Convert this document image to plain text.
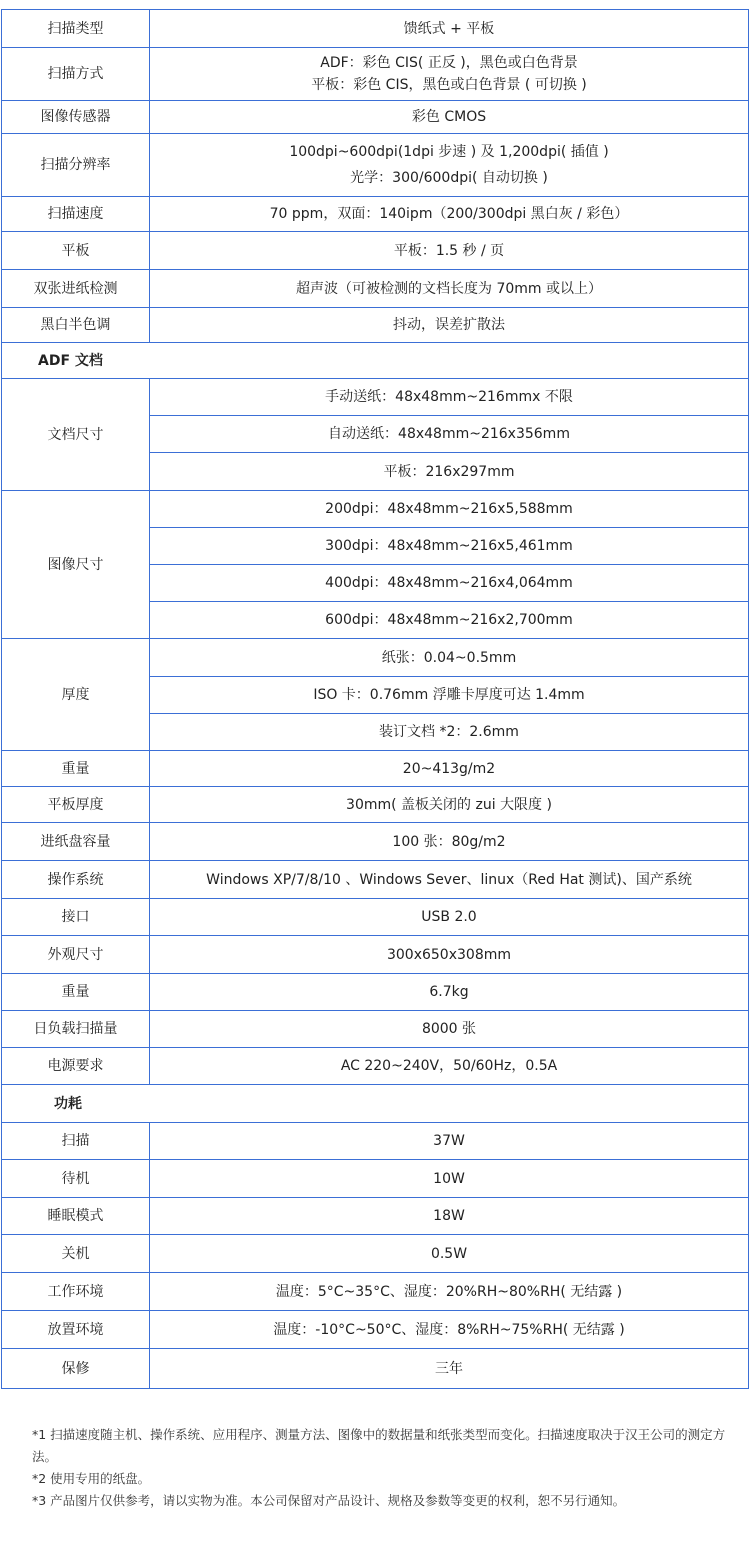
扫描类型	馈纸式 + 平板
扫描方式	ADF：彩色 CIS( 正反 )，黑色或白色背景
平板：彩色 CIS，黑色或白色背景 ( 可切换 )

图像传感器	彩色 CMOS
扫描分辨率	100dpi~600dpi(1dpi 步速 ) 及 1,200dpi( 插值 )
光学：300/600dpi( 自动切换 )

扫描速度	70 ppm，双面：140ipm（200/300dpi 黑白灰 / 彩色）
平板	平板：1.5 秒 / 页
双张进纸检测	超声波（可被检测的文档长度为 70mm 或以上）
黑白半色调	抖动，误差扩散法
ADF 文档	
文档尺寸	手动送纸：48x48mm~216mmx 不限
	自动送纸：48x48mm~216x356mm
	平板：216x297mm
图像尺寸	200dpi：48x48mm~216x5,588mm
	300dpi：48x48mm~216x5,461mm
	400dpi：48x48mm~216x4,064mm
	600dpi：48x48mm~216x2,700mm
厚度	纸张：0.04~0.5mm
	ISO 卡：0.76mm 浮雕卡厚度可达 1.4mm
	装订文档 *2：2.6mm
重量	20~413g/m2
平板厚度	30mm( 盖板关闭的 zui 大限度 )
进纸盘容量	100 张：80g/m2
操作系统	Windows XP/7/8/10 、Windows Sever、linux（Red Hat 测试)、国产系统
接口	USB 2.0
外观尺寸	300x650x308mm
重量	6.7kg
日负载扫描量	8000 张
电源要求	AC 220~240V，50/60Hz，0.5A
功耗	
扫描	37W
待机	10W
睡眠模式	18W
关机	0.5W
工作环境	温度：5°C~35°C、湿度：20%RH~80%RH( 无结露 )
放置环境	温度：-10°C~50°C、湿度：8%RH~75%RH( 无结露 )
保修	三年

*1 扫描速度随主机、操作系统、应用程序、测量方法、图像中的数据量和纸张类型而变化。扫描速度取决于汉王公司的测定方法。

*2 使用专用的纸盘。

*3 产品图片仅供参考，请以实物为准。本公司保留对产品设计、规格及参数等变更的权利，恕不另行通知。
